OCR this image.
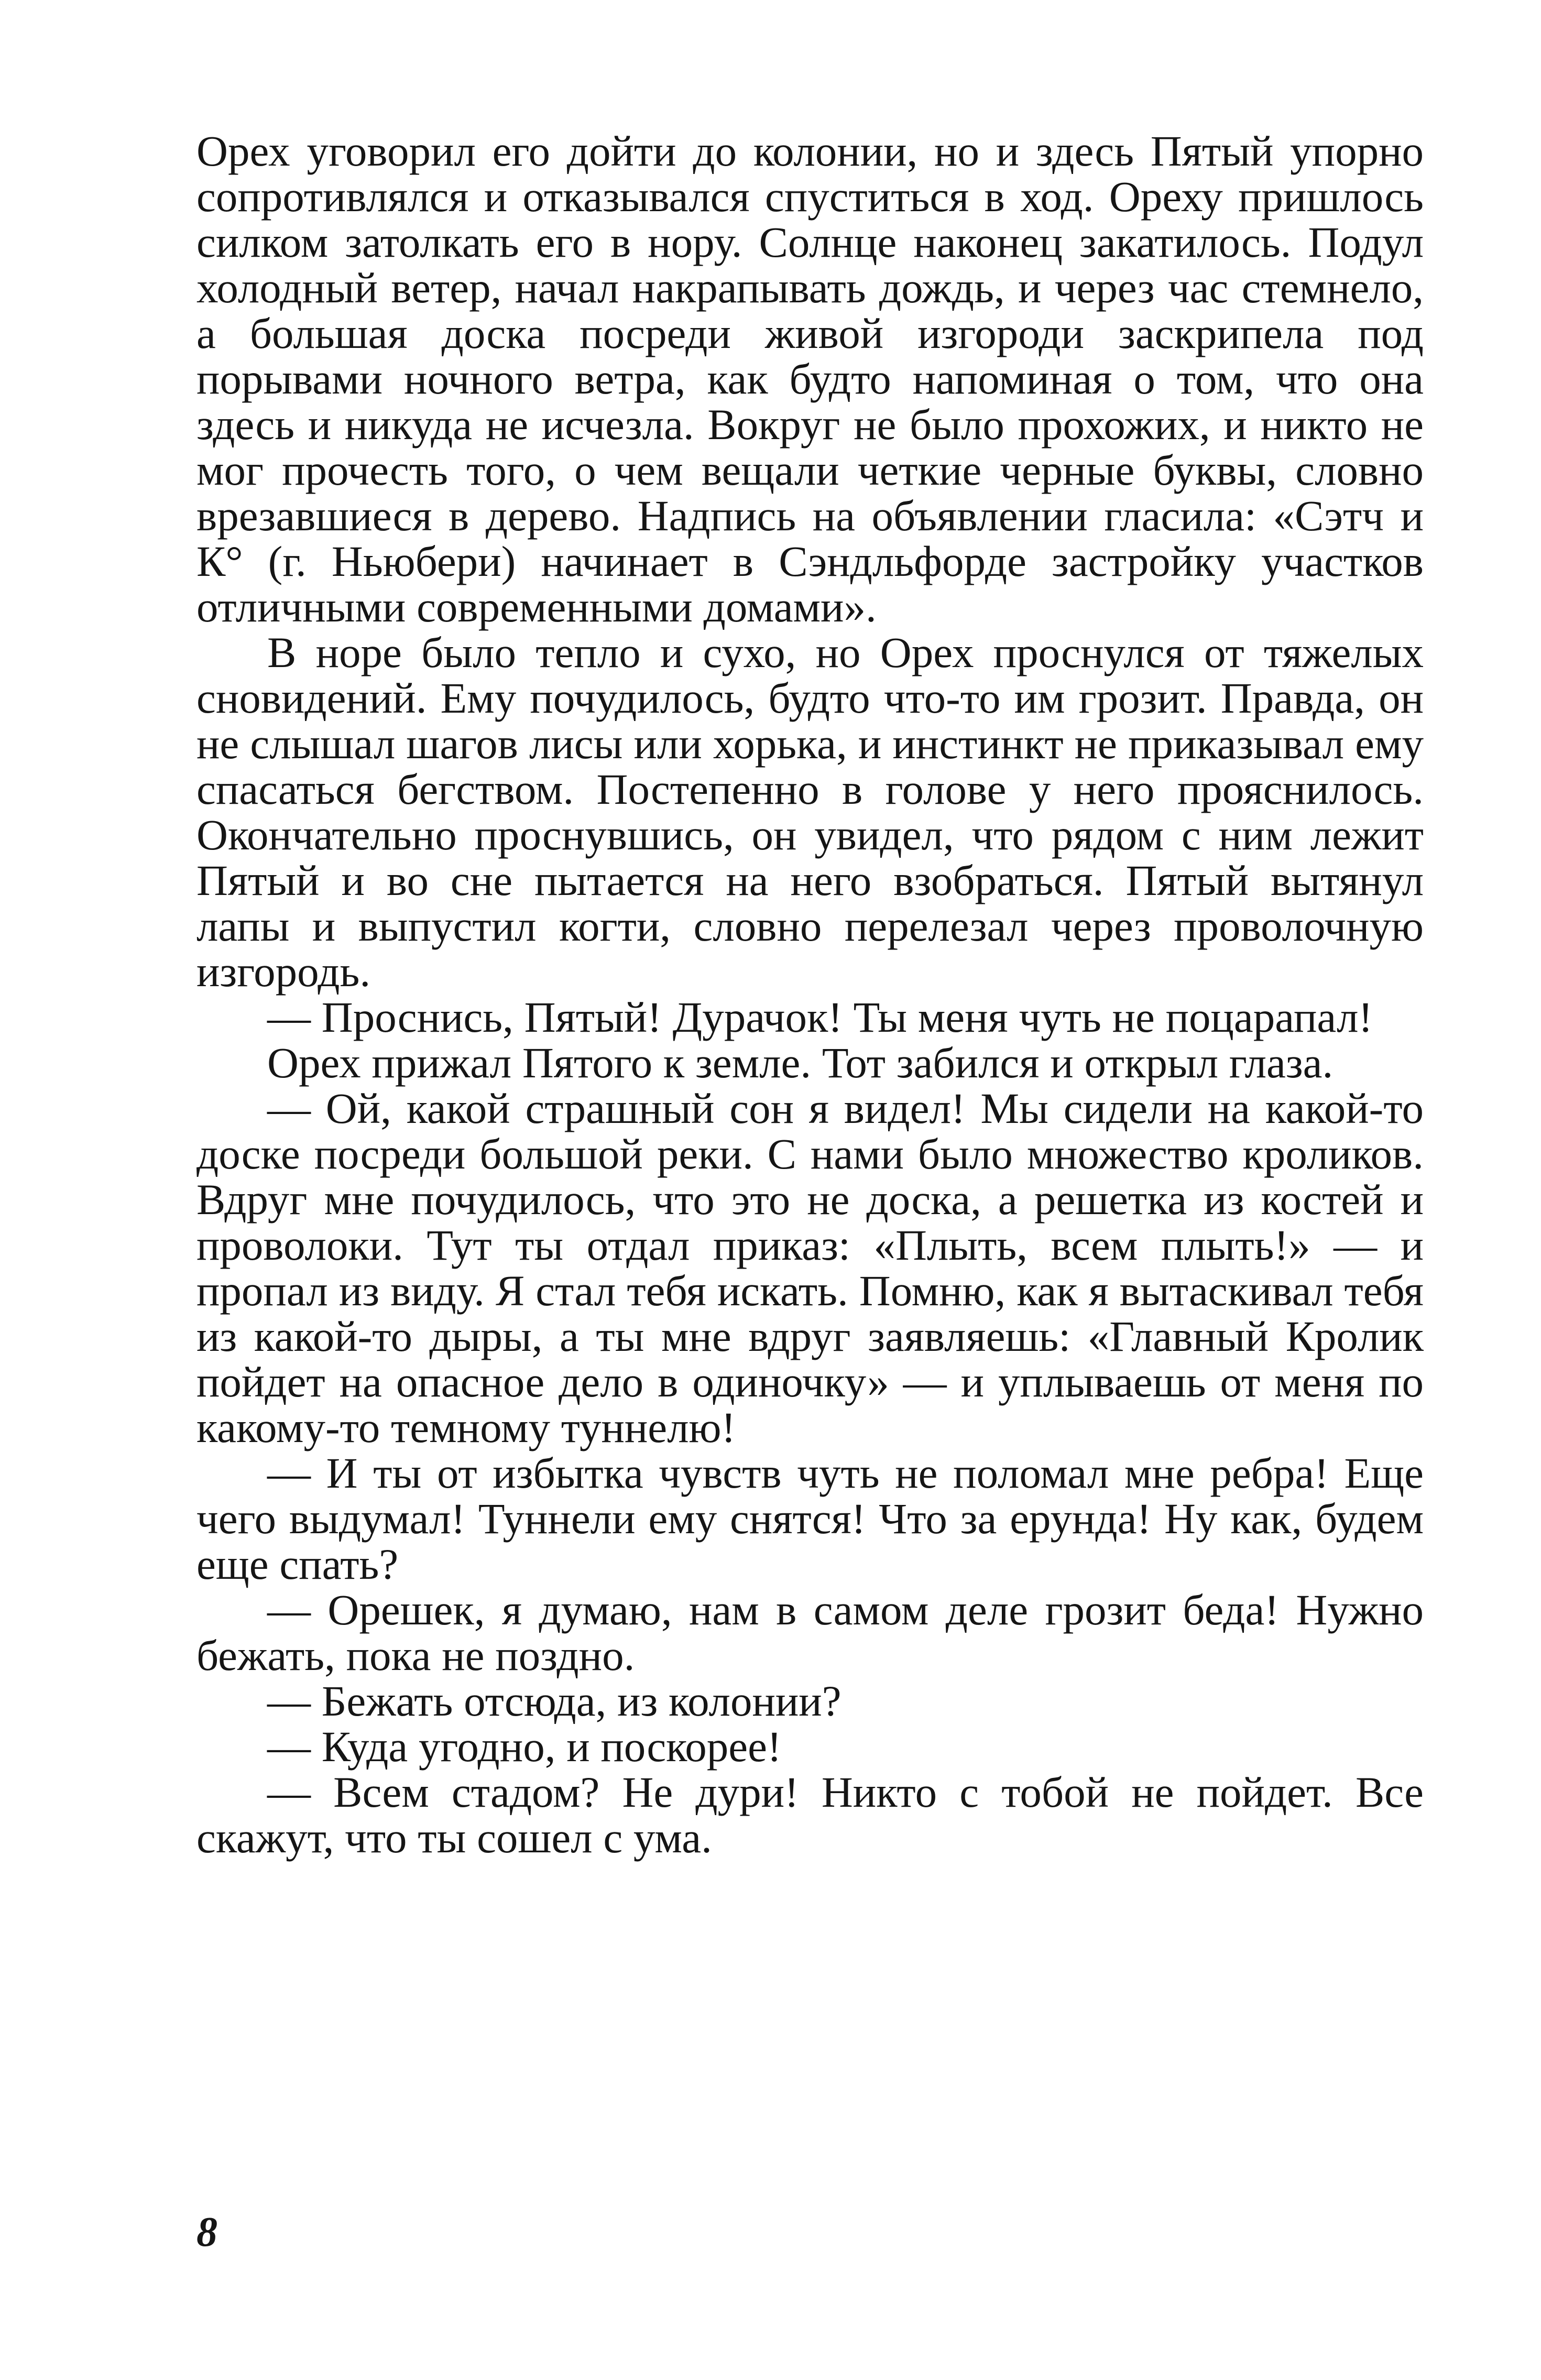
Орех уговорил его дойти до колонии, но и здесь Пятый упорно сопротивлялся и отказывался спуститься в ход. Ореху пришлось силком затолкать его в нору. Солнце наконец закатилось. Подул холодный ветер, начал накрапывать дождь, и через час стемнело, а большая доска посреди живой изгороди заскрипела под порывами ночного ветра, как будто напоминая о том, что она здесь и никуда не исчезла. Вокруг не было прохожих, и никто не мог прочесть того, о чем вещали четкие черные буквы, словно врезавшиеся в дерево. Надпись на объявлении гласила: «Сэтч и К° (г. Ньюбери) начинает в Сэндльфорде застройку участков отличными современными домами».

В норе было тепло и сухо, но Орех проснулся от тяжелых сновидений. Ему почудилось, будто что-то им грозит. Правда, он не слышал шагов лисы или хорька, и инстинкт не приказывал ему спасаться бегством. Постепенно в голове у него прояснилось. Окончательно проснувшись, он увидел, что рядом с ним лежит Пятый и во сне пытается на него взобраться. Пятый вытянул лапы и выпустил когти, словно перелезал через проволочную изгородь.

— Проснись, Пятый! Дурачок! Ты меня чуть не поцарапал!

Орех прижал Пятого к земле. Тот забился и открыл глаза.

— Ой, какой страшный сон я видел! Мы сидели на какой-то доске посреди большой реки. С нами было множество кроликов. Вдруг мне почудилось, что это не доска, а решетка из костей и проволоки. Тут ты отдал приказ: «Плыть, всем плыть!» — и пропал из виду. Я стал тебя искать. Помню, как я вытаскивал тебя из какой-то дыры, а ты мне вдруг заявляешь: «Главный Кролик пойдет на опасное дело в одиночку» — и уплываешь от меня по какому-то темному туннелю!

— И ты от избытка чувств чуть не поломал мне ребра! Еще чего выдумал! Туннели ему снятся! Что за ерунда! Ну как, будем еще спать?

— Орешек, я думаю, нам в самом деле грозит беда! Нужно бежать, пока не поздно.

— Бежать отсюда, из колонии?

— Куда угодно, и поскорее!

— Всем стадом? Не дури! Никто с тобой не пойдет. Все скажут, что ты сошел с ума.

8
